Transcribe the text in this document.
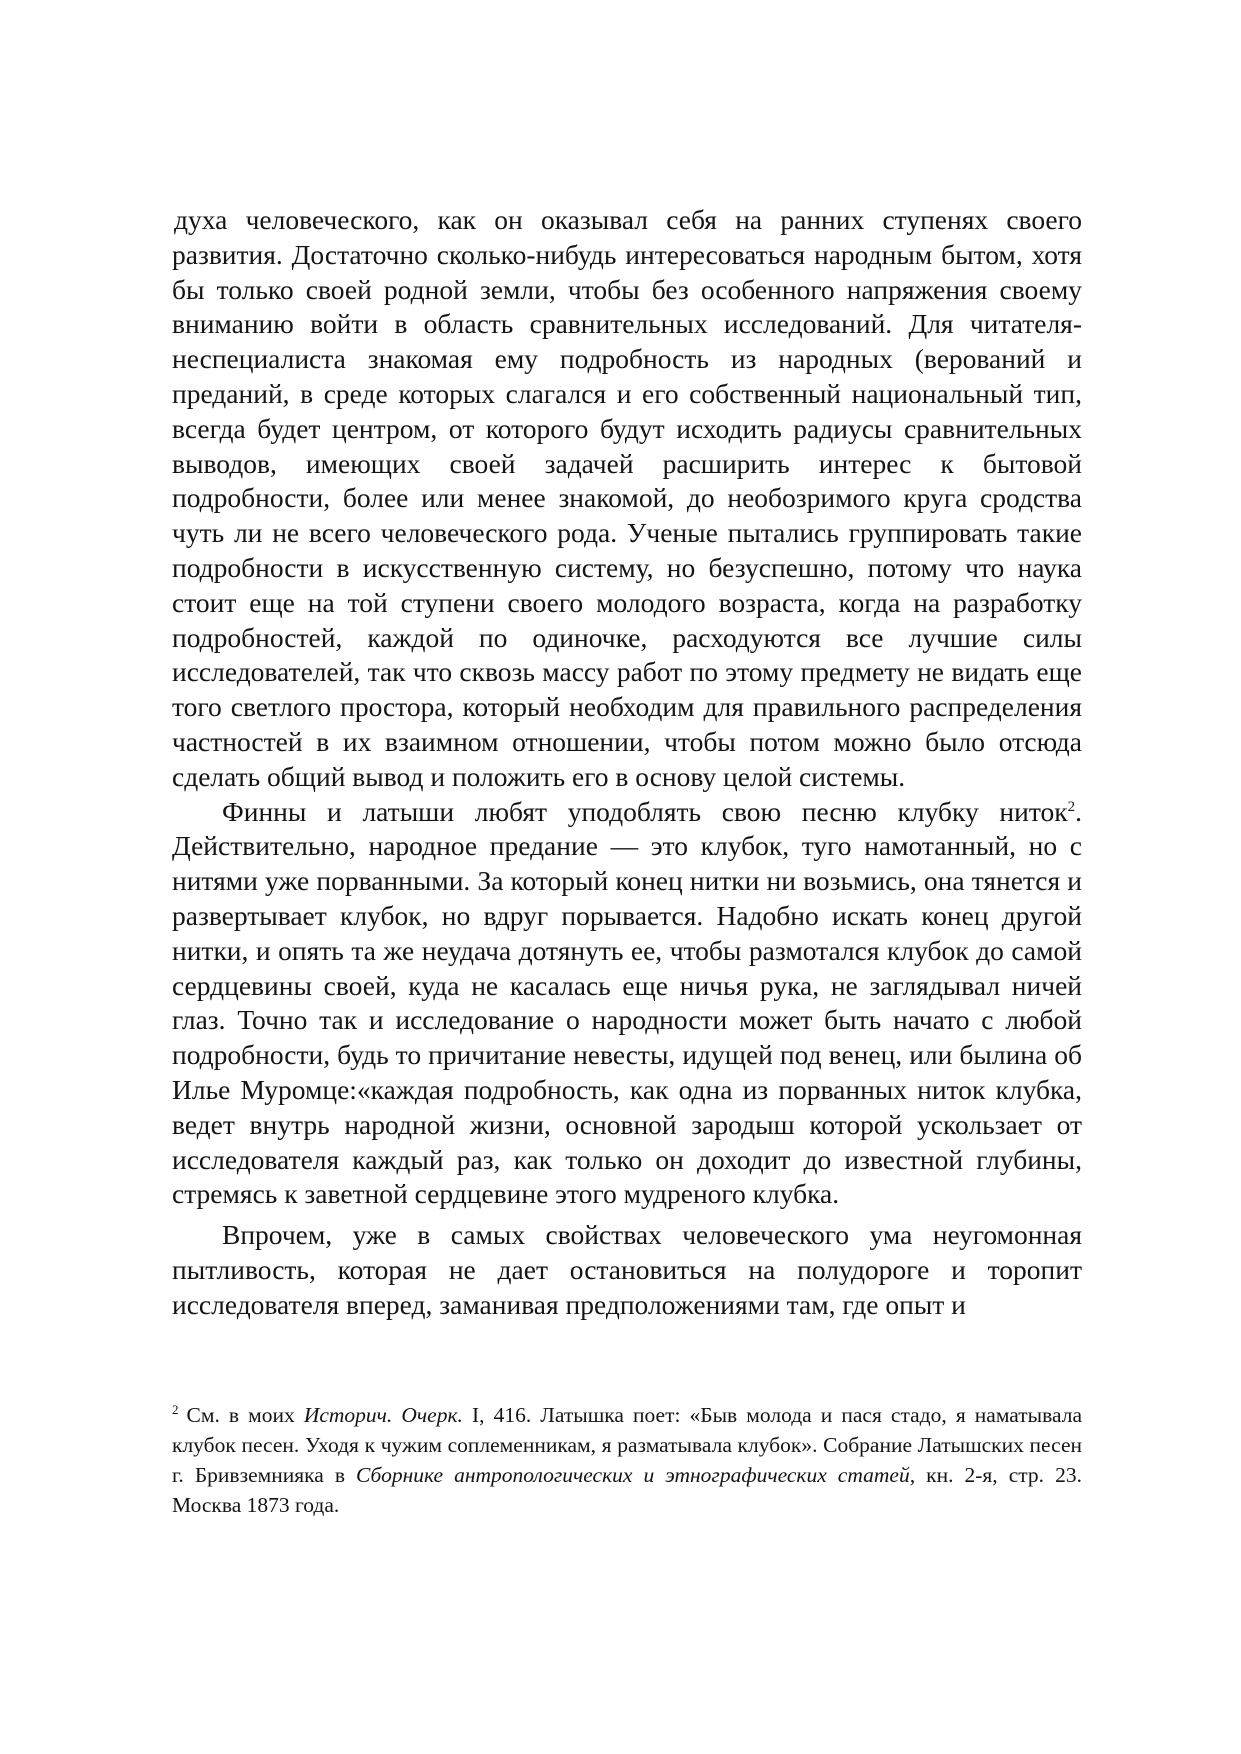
духа человеческого, как он оказывал себя на ранних ступенях своего развития. Достаточно сколько-нибудь интересоваться народным бытом, хотя бы только своей родной земли, чтобы без особенного напряжения своему вниманию войти в область сравнительных исследований. Для читателя-неспециалиста знакомая ему подробность из народных (верований и преданий, в среде которых слагался и его собственный национальный тип, всегда будет центром, от которого будут исходить радиусы сравнительных выводов, имеющих своей задачей расширить интерес к бытовой подробности, более или менее знакомой, до необозримого круга сродства чуть ли не всего человеческого рода. Ученые пытались группировать такие подробности в искусственную систему, но безуспешно, потому что наука стоит еще на той ступени своего молодого возраста, когда на разработку подробностей, каждой по одиночке, расходуются все лучшие силы исследователей, так что сквозь массу работ по этому предмету не видать еще того светлого простора, который необходим для правильного распределения частностей в их взаимном отношении, чтобы потом можно было отсюда сделать общий вывод и положить его в основу целой системы.

Финны и латыши любят уподоблять свою песню клубку ниток$^2$. Действительно, народное предание — это клубок, туго намотанный, но с нитями уже порванными. За который конец нитки ни возьмись, она тянется и развертывает клубок, но вдруг порывается. Надобно искать конец другой нитки, и опять та же неудача дотянуть ее, чтобы размотался клубок до самой сердцевины своей, куда не касалась еще ничья рука, не заглядывал ничей глаз. Точно так и исследование о народности может быть начато с любой подробности, будь то причитание невесты, идущей под венец, или былина об Илье Муромце:«каждая подробность, как одна из порванных ниток клубка, ведет внутрь народной жизни, основной зародыш которой ускользает от исследователя каждый раз, как только он доходит до известной глубины, стремясь к заветной сердцевине этого мудреного клубка.

Впрочем, уже в самых свойствах человеческого ума неугомонная пытливость, которая не дает остановиться на полудороге и торопит исследователя вперед, заманивая предположениями там, где опыт и

$^2$ См. в моих Историч. Очерк. I, 416. Латышка поет: «Быв молода и пася стадо, я наматывала клубок песен. Уходя к чужим соплеменникам, я разматывала клубок». Собрание Латышских песен г. Бривземнияка в Сборнике антропологических и этнографических статей, кн. 2-я, стр. 23. Москва 1873 года.
